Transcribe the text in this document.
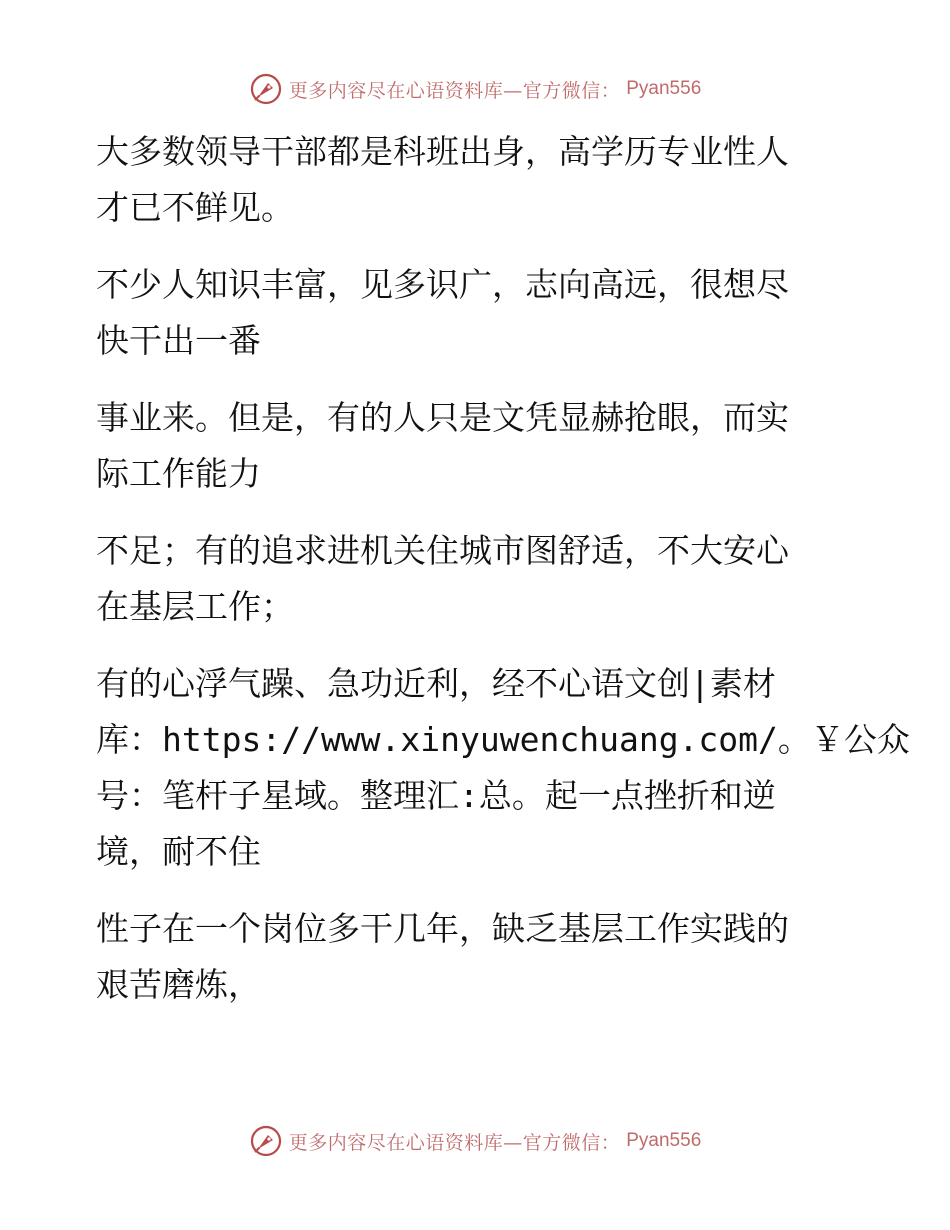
更多内容尽在心语资料库—官方微信： Pyan556

大多数领导干部都是科班出身，高学历专业性人
才已不鲜见。

不少人知识丰富，见多识广，志向高远，很想尽
快干出一番

事业来。但是，有的人只是文凭显赫抢眼，而实
际工作能力

不足；有的追求进机关住城市图舒适，不大安心
在基层工作；

有的心浮气躁、急功近利，经不心语文创|素材
库：https://www.xinyuwenchuang.com/。￥公众
号：笔杆子星域。整理汇:总。起一点挫折和逆
境，耐不住

性子在一个岗位多干几年，缺乏基层工作实践的
艰苦磨炼，

更多内容尽在心语资料库—官方微信： Pyan556
